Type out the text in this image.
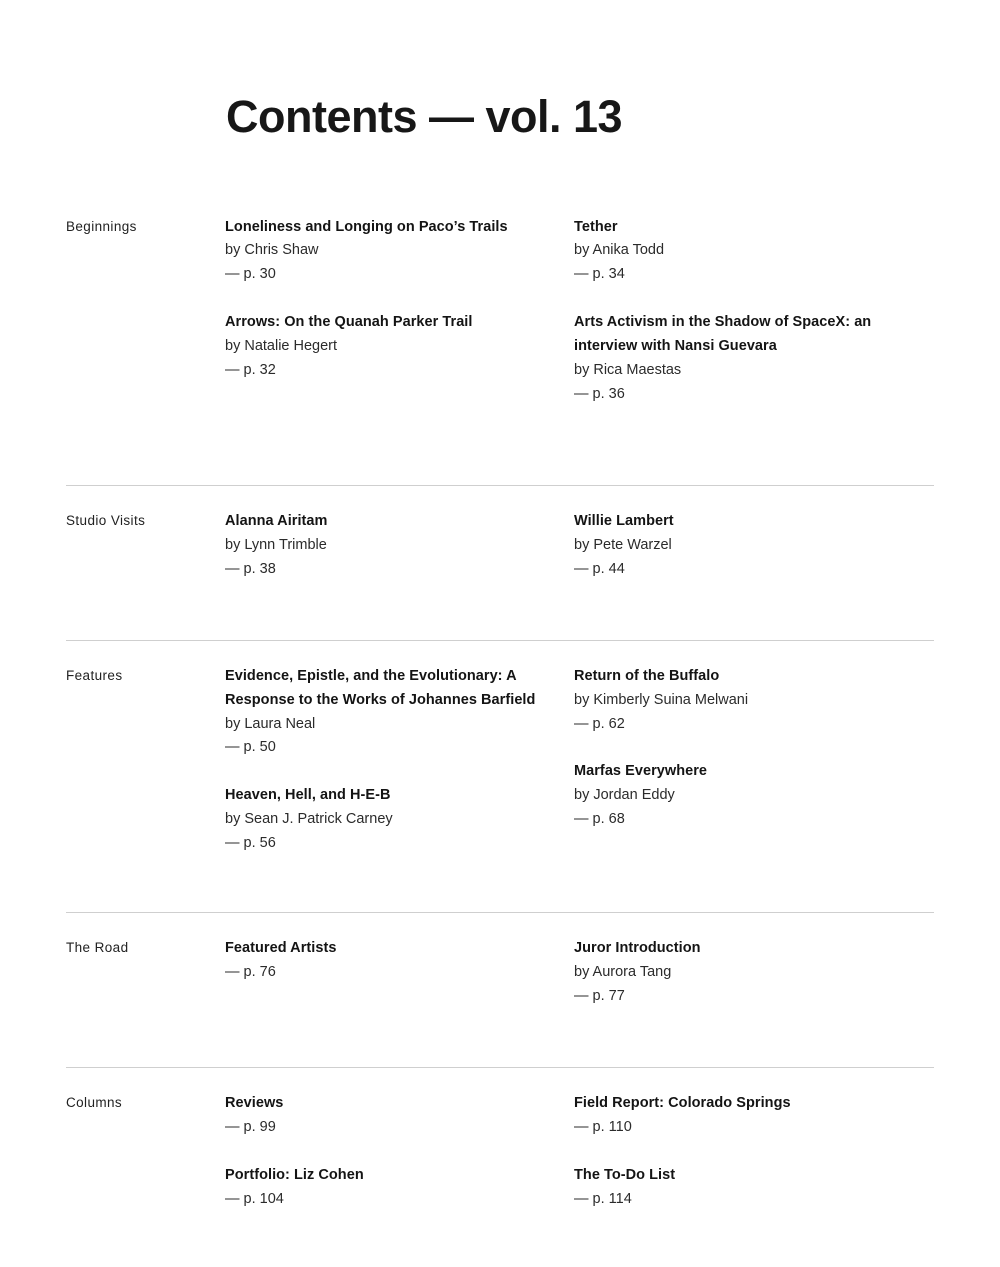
Contents — vol. 13
Beginnings	Loneliness and Longing on Paco’s Trails
by Chris Shaw
— p. 30
Arrows: On the Quanah Parker Trail
by Natalie Hegert
— p. 32
Tether
by Anika Todd
— p. 34
Arts Activism in the Shadow of SpaceX: an interview with Nansi Guevara
by Rica Maestas
— p. 36
Studio Visits	Alanna Airitam
by Lynn Trimble
— p. 38
Willie Lambert
by Pete Warzel
— p. 44
Features	Evidence, Epistle, and the Evolutionary: A Response to the Works of Johannes Barfield
by Laura Neal
— p. 50
Heaven, Hell, and H-E-B
by Sean J. Patrick Carney
— p. 56
Return of the Buffalo
by Kimberly Suina Melwani
— p. 62
Marfas Everywhere
by Jordan Eddy
— p. 68
The Road	Featured Artists
— p. 76
Juror Introduction
by Aurora Tang
— p. 77
Columns	Reviews
— p. 99
Portfolio: Liz Cohen
— p. 104
Field Report: Colorado Springs
— p. 110
The To-Do List
— p. 114
